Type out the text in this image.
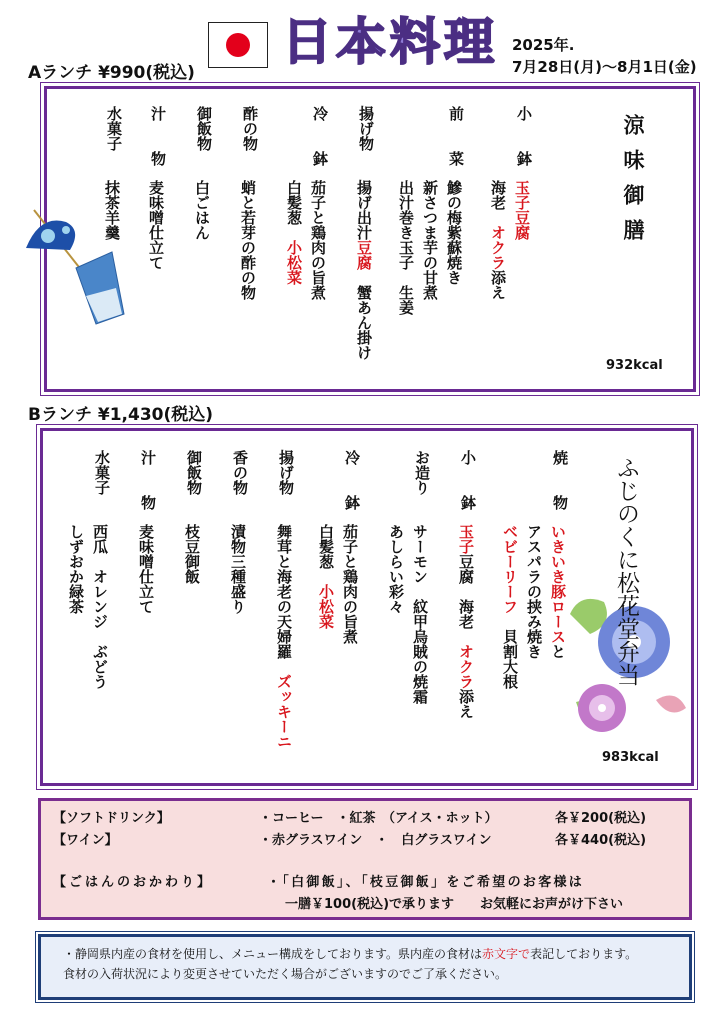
日本料理 2025年.
7月28日(月)～8月1日(金)
Aランチ ¥990(税込)
小　　鉢
玉子豆腐
海老　オクラ添え
前　　菜
鰺の梅紫蘇焼き
新さつま芋の甘煮
出汁巻き玉子　生姜
揚げ物
揚げ出汁豆腐　蟹あん掛け
冷　　鉢
茄子と鶏肉の旨煮
白髪葱　小松菜
酢の物
蛸と若芽の酢の物
御飯物
白ごはん
汁　　物
麦味噌仕立て
水菓子
抹茶羊羹	涼味御膳
932kcal
Bランチ ¥1,430(税込)
焼　　物
いきいき豚ロースと
アスパラの挟み焼き
ベビーリーフ　貝割大根
小　　鉢
玉子豆腐　海老　オクラ添え
お造り
サーモン　紋甲烏賊の焼霜
あしらい彩々
冷　　鉢
茄子と鶏肉の旨煮
白髪葱　小松菜
揚げ物
舞茸と海老の天婦羅　ズッキーニ
香の物
漬物三種盛り
御飯物
枝豆御飯
汁　　物
麦味噌仕立て
水菓子
西瓜　オレンジ　ぶどう
しずおか緑茶	ふじのくに松花堂弁当
983kcal
【ソフトドリンク】	・コーヒー　・紅茶　（アイス・ホット）	各￥200(税込)
【ワイン】	・赤グラスワイン　・　白グラスワイン	各￥440(税込)
【ごはんのおかわり】	・「白御飯」、「枝豆御飯」をご希望のお客様は
一膳￥100(税込)で承ります　　お気軽にお声がけ下さい
・静岡県内産の食材を使用し、メニュー構成をしております。県内産の食材は赤文字で表記しております。
食材の入荷状況により変更させていただく場合がございますのでご了承ください。
